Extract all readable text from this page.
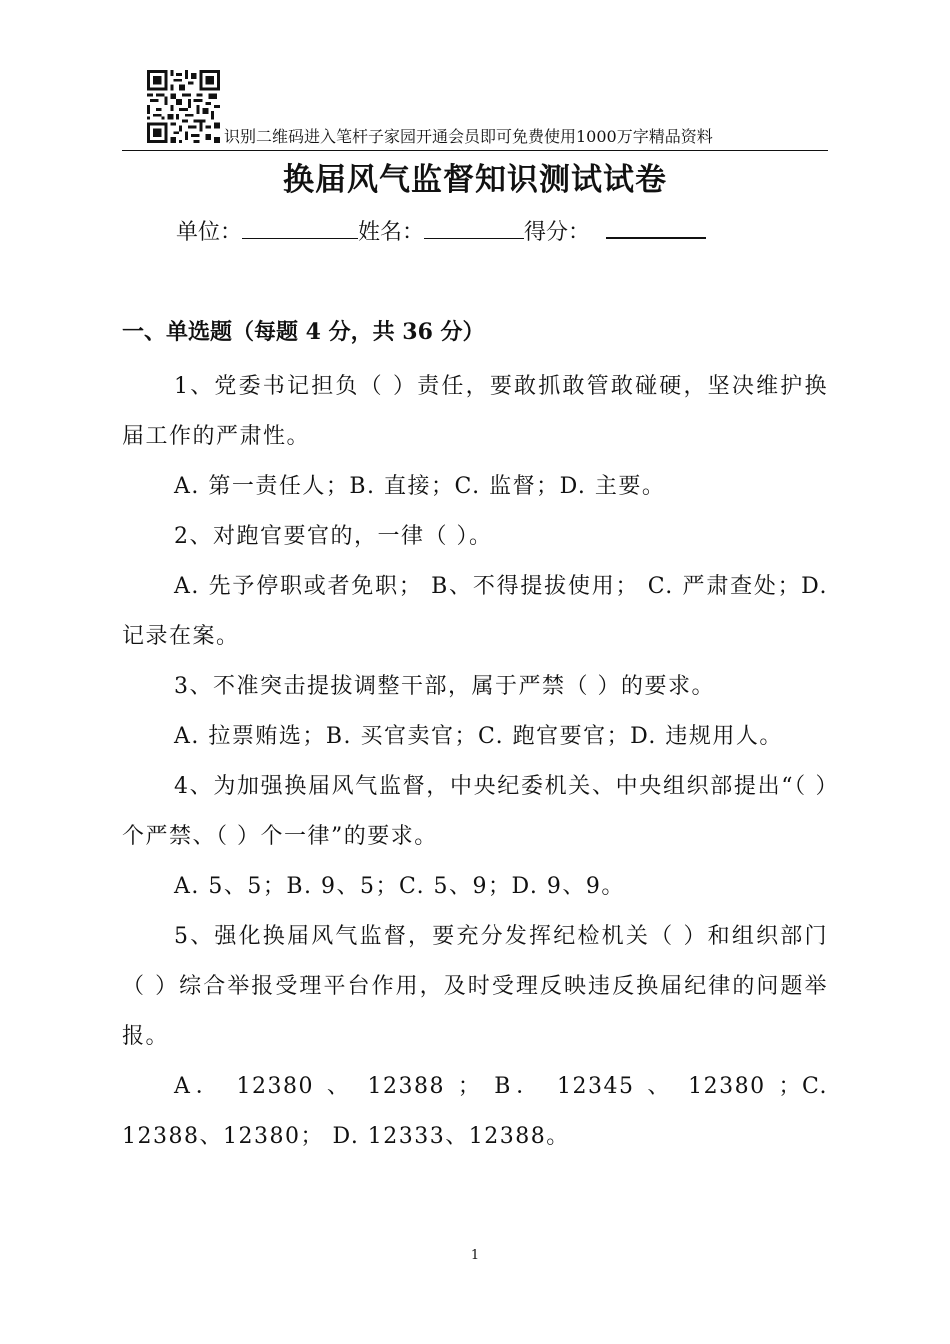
识别二维码进入笔杆子家园开通会员即可免费使用1000万字精品资料
换届风气监督知识测试试卷
单位：	姓名：	得分：
一、单选题（每题 4 分，共 36 分）

1、党委书记担负（ ）责任，要敢抓敢管敢碰硬，坚决维护换届工作的严肃性。

A. 第一责任人；B. 直接；C. 监督；D. 主要。

2、对跑官要官的，一律（ ）。

A. 先予停职或者免职； B、不得提拔使用； C. 严肃查处；D. 记录在案。

3、不准突击提拔调整干部，属于严禁（ ）的要求。

A. 拉票贿选；B. 买官卖官；C. 跑官要官；D. 违规用人。

4、为加强换届风气监督，中央纪委机关、中央组织部提出“（ ）个严禁、（ ）个一律”的要求。

A. 5、5；B. 9、5；C. 5、9；D. 9、9。

5、强化换届风气监督，要充分发挥纪检机关（ ）和组织部门（ ）综合举报受理平台作用，及时受理反映违反换届纪律的问题举报。

A． 12380 、 12388 ； B． 12345 、 12380 ；C. 12388、12380； D. 12333、12388。

1
